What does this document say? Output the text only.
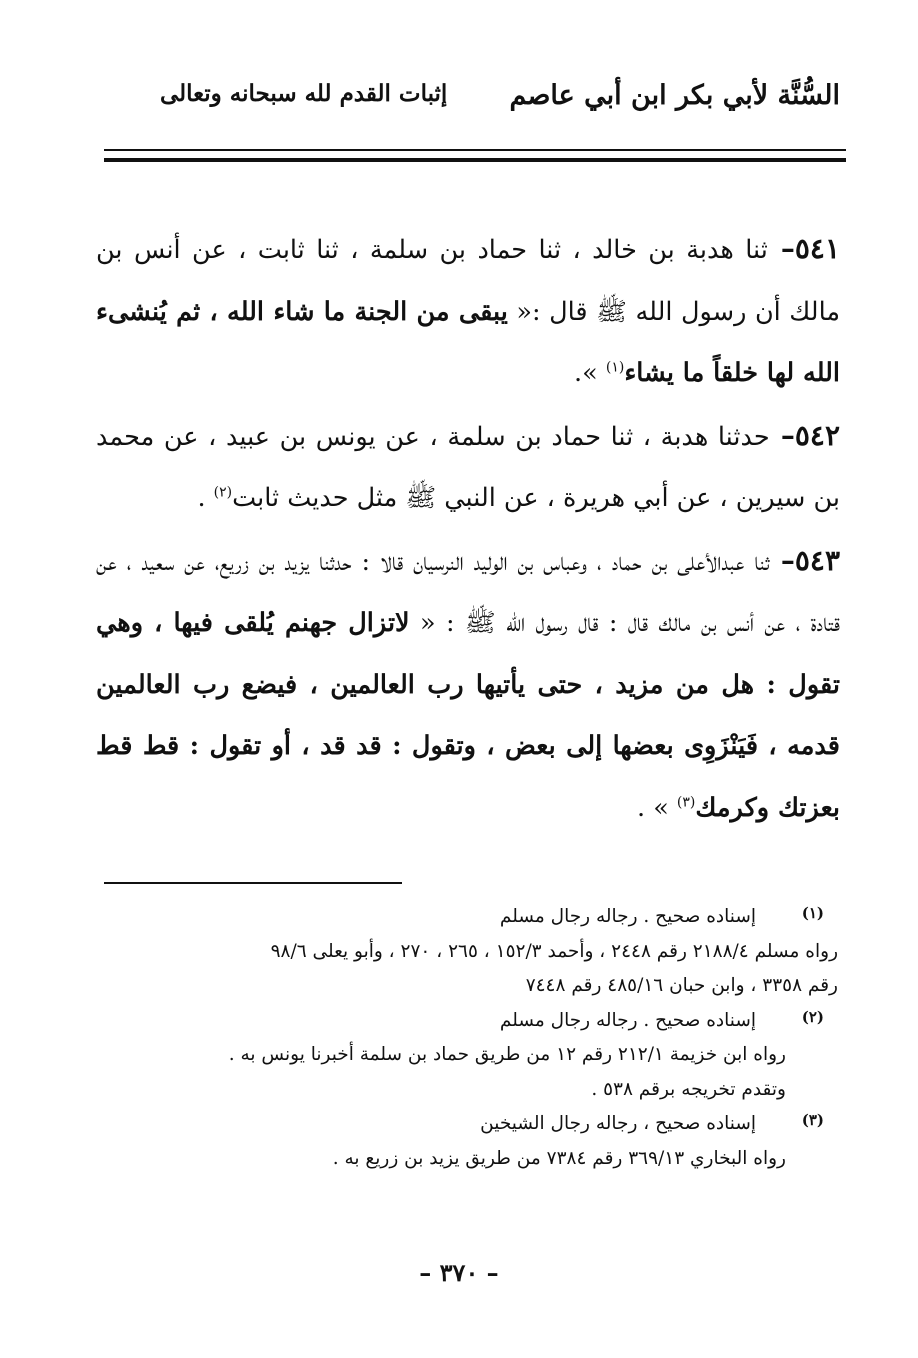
السُّنَّة لأبي بكر ابن أبي عاصم
إثبات القدم لله سبحانه وتعالى

٥٤١– ثنا هدبة بن خالد ، ثنا حماد بن سلمة ، ثنا ثابت ، عن أنس بن مالك أن رسول الله ﷺ قال :« يبقى من الجنة ما شاء الله ، ثم يُنشىء الله لها خلقاً ما يشاء$^{(١)}$ ».

٥٤٢– حدثنا هدبة ، ثنا حماد بن سلمة ، عن يونس بن عبيد ، عن محمد بن سيرين ، عن أبي هريرة ، عن النبي ﷺ مثل حديث ثابت$^{(٢)}$ .

٥٤٣– ثنا عبدالأعلى بن حماد ، وعباس بن الوليد النرسيان قالا : حدثنا يزيد بن زريع، عن سعيد ، عن قتادة ، عن أنس بن مالك قال : قال رسول الله ﷺ : « لاتزال جهنم يُلقى فيها ، وهي تقول : هل من مزيد ، حتى يأتيها رب العالمين ، فيضع رب العالمين قدمه ، فَيَنْزَوِى بعضها إلى بعض ، وتقول : قد قد ، أو تقول : قط قط بعزتك وكرمك$^{(٣)}$ » .

(١)
إسناده صحيح . رجاله رجال مسلم
رواه مسلم ٢١٨٨/٤ رقم ٢٤٤٨ ، وأحمد ١٥٢/٣ ، ٢٦٥ ، ٢٧٠ ، وأبو يعلى ٩٨/٦
رقم ٣٣٥٨ ، وابن حبان ٤٨٥/١٦ رقم ٧٤٤٨
(٢)
إسناده صحيح . رجاله رجال مسلم
رواه ابن خزيمة ٢١٢/١ رقم ١٢ من طريق حماد بن سلمة أخبرنا يونس به .
وتقدم تخريجه برقم ٥٣٨ .
(٣)
إسناده صحيح ، رجاله رجال الشيخين
رواه البخاري ٣٦٩/١٣ رقم ٧٣٨٤ من طريق يزيد بن زريع به .
– ٣٧٠ –
